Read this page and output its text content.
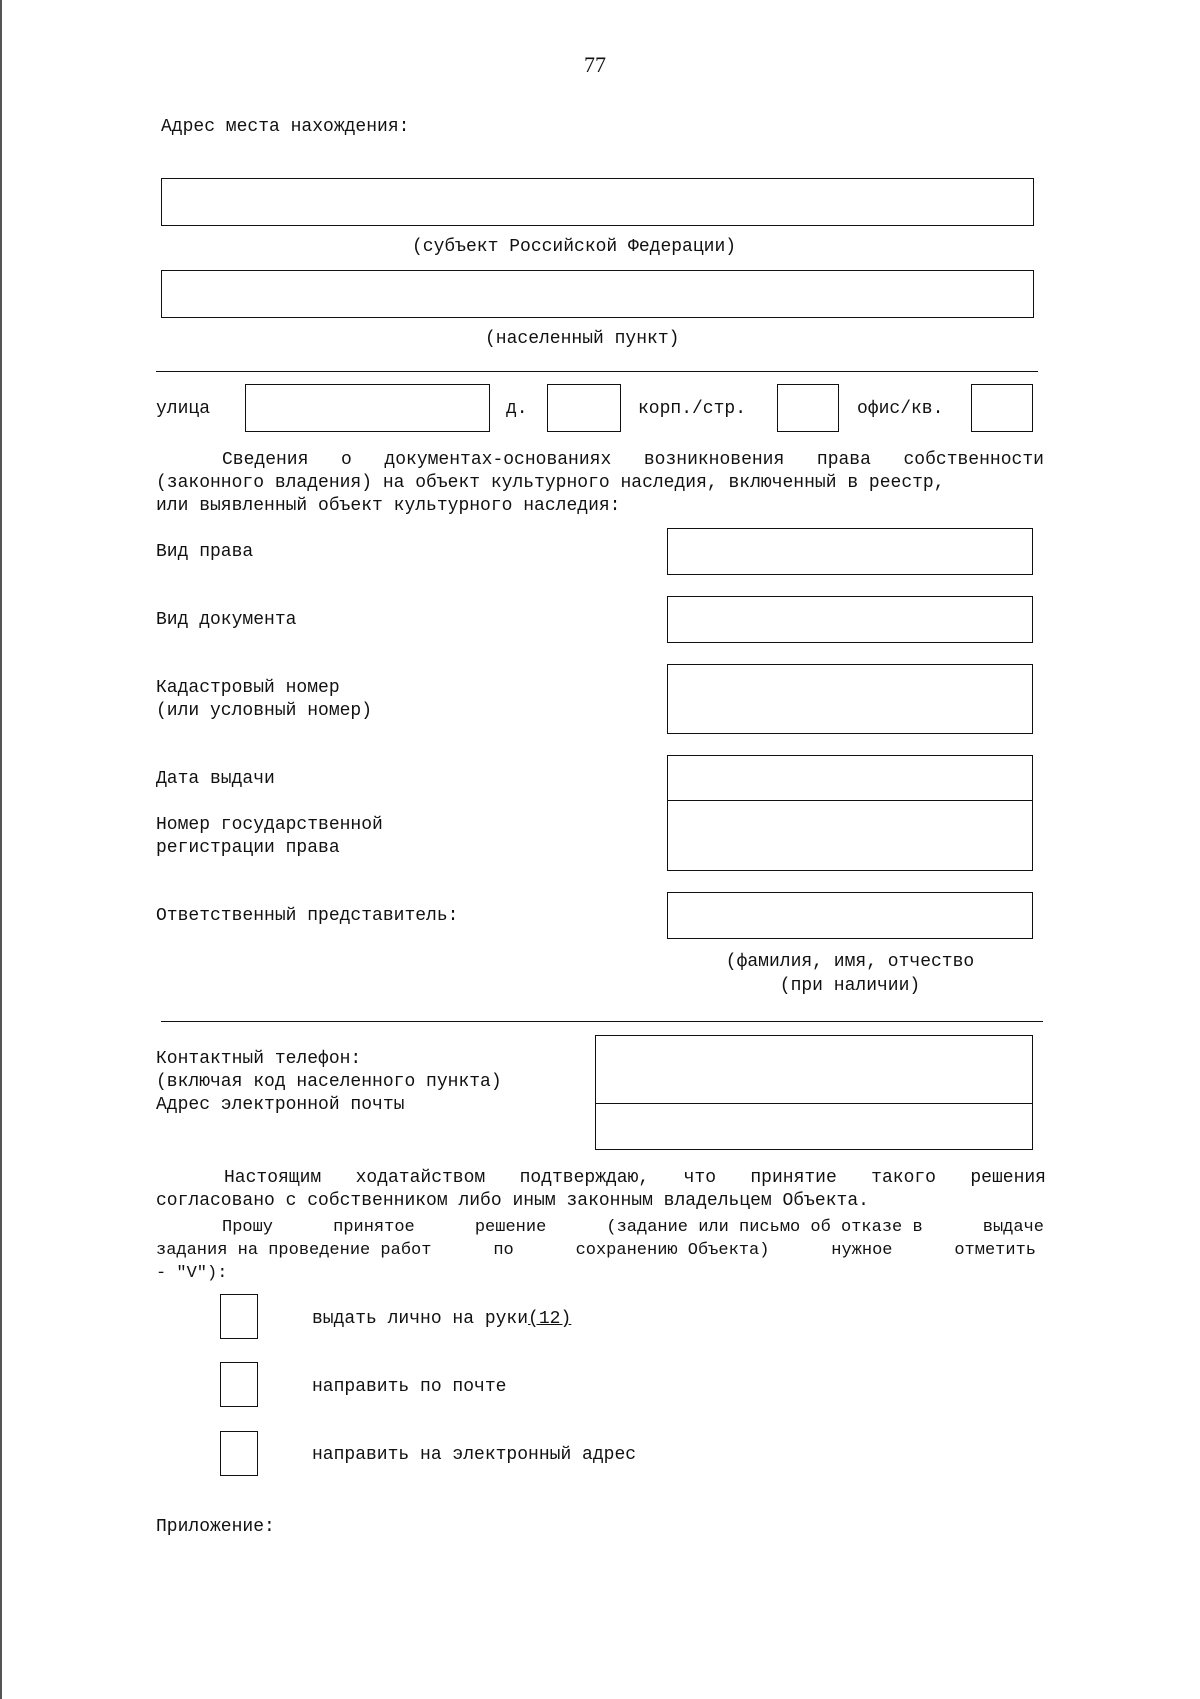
77
Адрес места нахождения:
(субъект Российской Федерации)
(населенный пункт)
улица	д.	корп./стр.	офис/кв.
Сведения о документах-основаниях возникновения права собственности
(законного владения) на объект культурного наследия, включенный в реестр,
или выявленный объект культурного наследия:
Вид права
Вид документа
Кадастровый номер
(или условный номер)
Дата выдачи
Номер государственной
регистрации права
Ответственный представитель:
(фамилия, имя, отчество
(при наличии)
Контактный телефон:
(включая код населенного пункта)
Адрес электронной почты
Настоящим ходатайством подтверждаю, что принятие такого решения
согласовано с собственником либо иным законным владельцем Объекта.
Прошу	принятое	решение	(задание или письмо об отказе в	выдаче
задания на проведение работ	по	сохранению Объекта)	нужное	отметить
- "V"):
выдать лично на руки(12)
направить по почте
направить на электронный адрес
Приложение:
